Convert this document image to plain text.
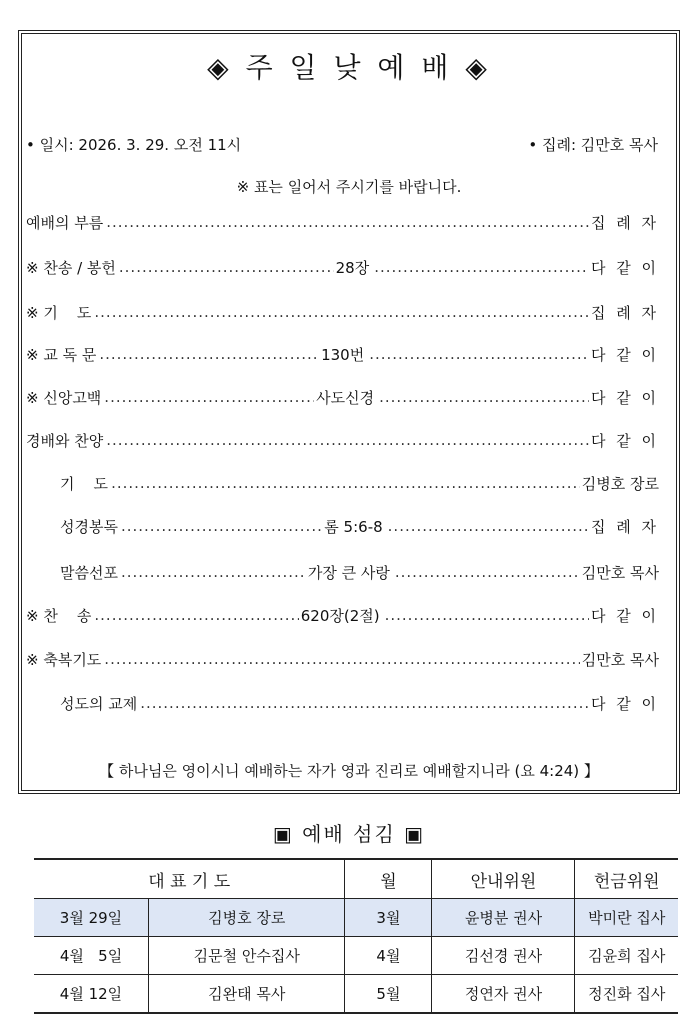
◈ 주 일 낮 예 배 ◈
• 일시: 2026. 3. 29. 오전 11시	• 집례: 김만호 목사
※ 표는 일어서 주시기를 바랍니다.
예배의 부름 .....	집 례 자
※ 찬송 / 봉헌 .....	28장 .....	다 같 이
※ 기    도 .....	집 례 자
※ 교 독 문 .....	130번 .....	다 같 이
※ 신앙고백 .....	사도신경 .....	다 같 이
경배와 찬양 .....	다 같 이
기    도 .....	김병호 장로
성경봉독 .....	롬 5:6-8 .....	집 례 자
말씀선포 .....	가장 큰 사랑 .....	김만호 목사
※ 찬    송 .....	620장(2절) .....	다 같 이
※ 축복기도 .....	김만호 목사
성도의 교제 .....	다 같 이
【 하나님은 영이시니 예배하는 자가 영과 진리로 예배할지니라 (요 4:24) 】
▣ 예배 섬김 ▣
대 표 기 도		월	안내위원	헌금위원
3월 29일	김병호 장로	3월	윤병분 권사	박미란 집사
4월   5일	김문철 안수집사	4월	김선경 권사	김윤희 집사
4월 12일	김완태 목사	5월	정연자 권사	정진화 집사
